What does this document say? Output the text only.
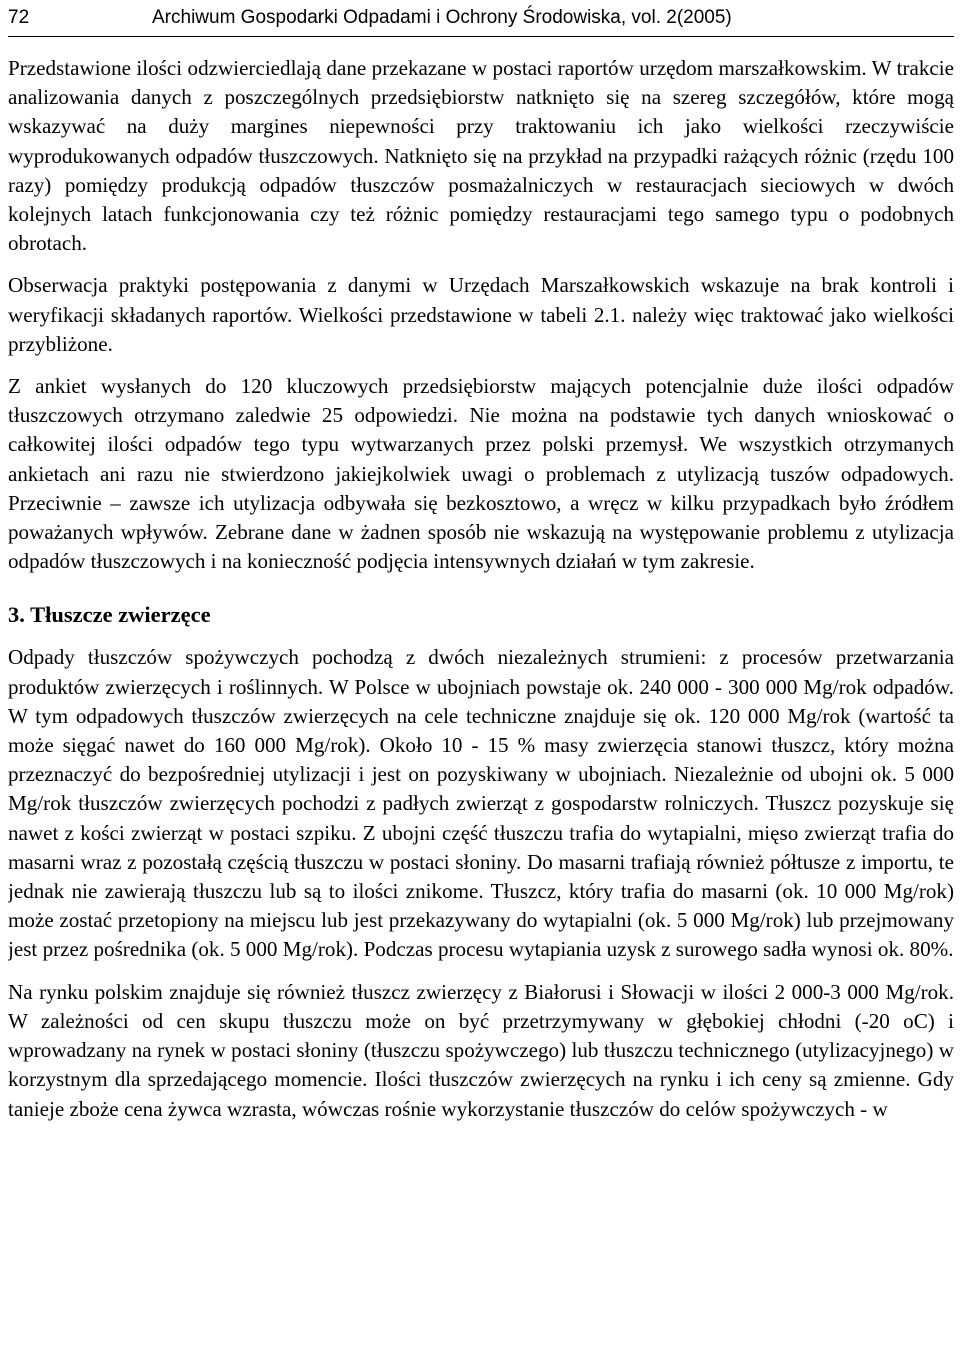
72	Archiwum Gospodarki Odpadami i Ochrony Środowiska, vol. 2(2005)

Przedstawione ilości odzwierciedlają dane przekazane w postaci raportów urzędom marszałkowskim. W trakcie analizowania danych z poszczególnych przedsiębiorstw natknięto się na szereg szczegółów, które mogą wskazywać na duży margines niepewności przy traktowaniu ich jako wielkości rzeczywiście wyprodukowanych odpadów tłuszczowych. Natknięto się na przykład na przypadki rażących różnic (rzędu 100 razy) pomiędzy produkcją odpadów tłuszczów posmażalniczych w restauracjach sieciowych w dwóch kolejnych latach funkcjonowania czy też różnic pomiędzy restauracjami tego samego typu o podobnych obrotach.

Obserwacja praktyki postępowania z danymi w Urzędach Marszałkowskich wskazuje na brak kontroli i weryfikacji składanych raportów. Wielkości przedstawione w tabeli 2.1. należy więc traktować jako wielkości przybliżone.

Z ankiet wysłanych do 120 kluczowych przedsiębiorstw mających potencjalnie duże ilości odpadów tłuszczowych otrzymano zaledwie 25 odpowiedzi. Nie można na podstawie tych danych wnioskować o całkowitej ilości odpadów tego typu wytwarzanych przez polski przemysł. We wszystkich otrzymanych ankietach ani razu nie stwierdzono jakiejkolwiek uwagi o problemach z utylizacją tuszów odpadowych. Przeciwnie – zawsze ich utylizacja odbywała się bezkosztowo, a wręcz w kilku przypadkach było źródłem poważanych wpływów. Zebrane dane w żadnen sposób nie wskazują na występowanie problemu z utylizacja odpadów tłuszczowych i na konieczność podjęcia intensywnych działań w tym zakresie.

3. Tłuszcze zwierzęce

Odpady tłuszczów spożywczych pochodzą z dwóch niezależnych strumieni: z procesów przetwarzania produktów zwierzęcych i roślinnych. W Polsce w ubojniach powstaje ok. 240 000 - 300 000 Mg/rok odpadów. W tym odpadowych tłuszczów zwierzęcych na cele techniczne znajduje się ok. 120 000 Mg/rok (wartość ta może sięgać nawet do 160 000 Mg/rok). Około 10 - 15 % masy zwierzęcia stanowi tłuszcz, który można przeznaczyć do bezpośredniej utylizacji i jest on pozyskiwany w ubojniach. Niezależnie od ubojni ok. 5 000 Mg/rok tłuszczów zwierzęcych pochodzi z padłych zwierząt z gospodarstw rolniczych. Tłuszcz pozyskuje się nawet z kości zwierząt w postaci szpiku. Z ubojni część tłuszczu trafia do wytapialni, mięso zwierząt trafia do masarni wraz z pozostałą częścią tłuszczu w postaci słoniny. Do masarni trafiają również półtusze z importu, te jednak nie zawierają tłuszczu lub są to ilości znikome. Tłuszcz, który trafia do masarni (ok. 10 000 Mg/rok) może zostać przetopiony na miejscu lub jest przekazywany do wytapialni (ok. 5 000 Mg/rok) lub przejmowany jest przez pośrednika (ok. 5 000 Mg/rok). Podczas procesu wytapiania uzysk z surowego sadła wynosi ok. 80%.

Na rynku polskim znajduje się również tłuszcz zwierzęcy z Białorusi i Słowacji w ilości 2 000-3 000 Mg/rok. W zależności od cen skupu tłuszczu może on być przetrzymywany w głębokiej chłodni (-20 oC) i wprowadzany na rynek w postaci słoniny (tłuszczu spożywczego) lub tłuszczu technicznego (utylizacyjnego) w korzystnym dla sprzedającego momencie. Ilości tłuszczów zwierzęcych na rynku i ich ceny są zmienne. Gdy tanieje zboże cena żywca wzrasta, wówczas rośnie wykorzystanie tłuszczów do celów spożywczych - w
